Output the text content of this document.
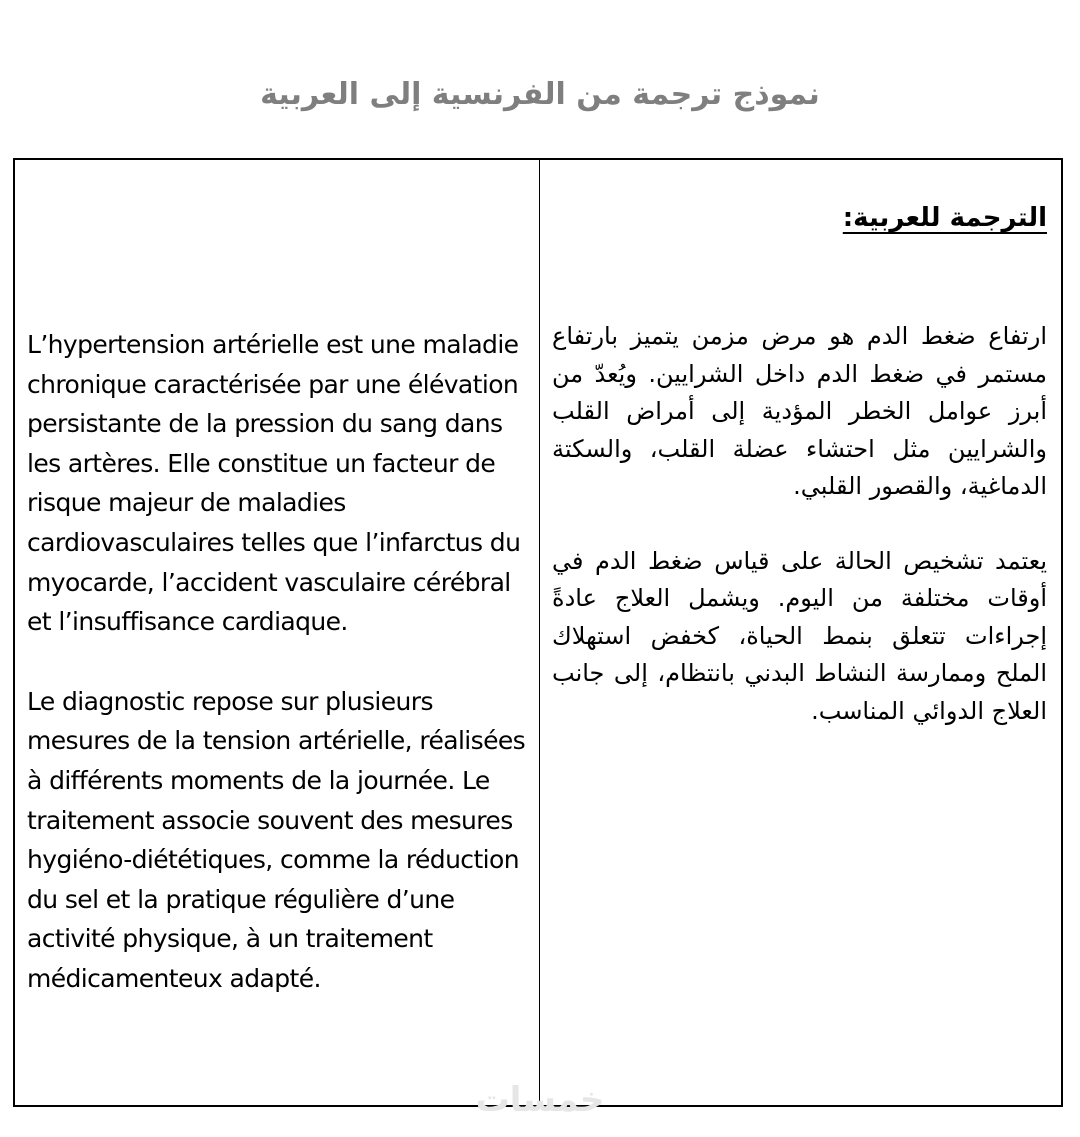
نموذج ترجمة من الفرنسية إلى العربية

L’hypertension artérielle est une maladie chronique caractérisée par une élévation persistante de la pression du sang dans les artères. Elle constitue un facteur de risque majeur de maladies cardiovasculaires telles que l’infarctus du myocarde, l’accident vasculaire cérébral et l’insuffisance cardiaque.

Le diagnostic repose sur plusieurs mesures de la tension artérielle, réalisées à différents moments de la journée. Le traitement associe souvent des mesures hygiéno-diététiques, comme la réduction du sel et la pratique régulière d’une activité physique, à un traitement médicamenteux adapté.

الترجمة للعربية:

ارتفاع ضغط الدم هو مرض مزمن يتميز بارتفاع مستمر في ضغط الدم داخل الشرايين. ويُعدّ من أبرز عوامل الخطر المؤدية إلى أمراض القلب والشرايين مثل احتشاء عضلة القلب، والسكتة الدماغية، والقصور القلبي.

يعتمد تشخيص الحالة على قياس ضغط الدم في أوقات مختلفة من اليوم. ويشمل العلاج عادةً إجراءات تتعلق بنمط الحياة، كخفض استهلاك الملح وممارسة النشاط البدني بانتظام، إلى جانب العلاج الدوائي المناسب.

خمسات
